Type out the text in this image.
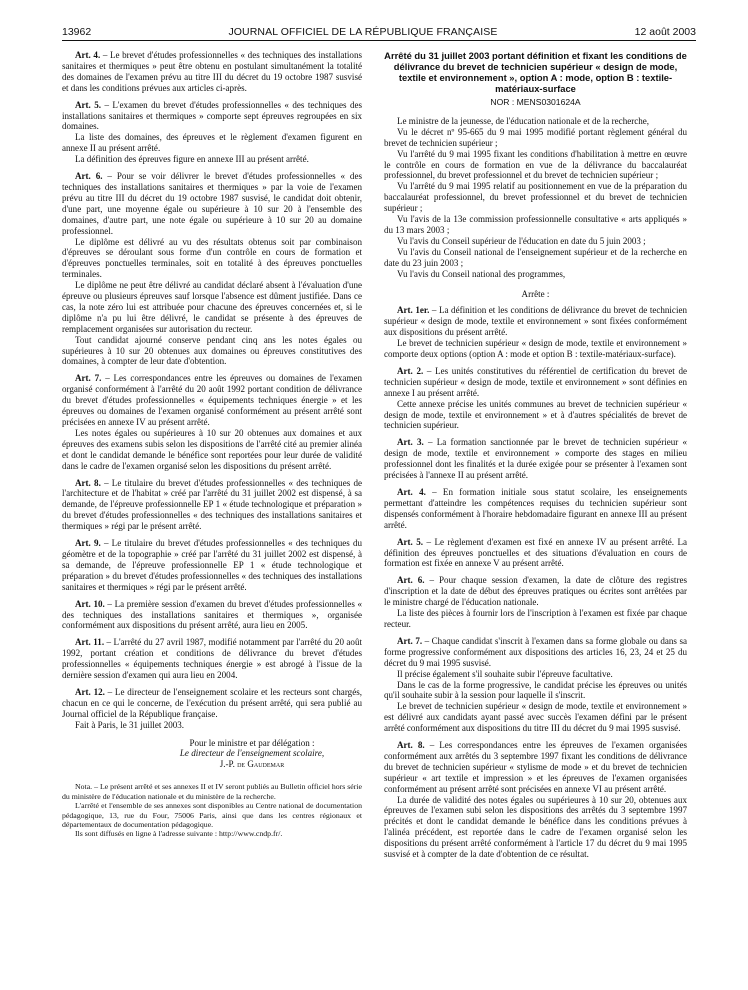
13962	JOURNAL OFFICIEL DE LA RÉPUBLIQUE FRANÇAISE	12 août 2003

Art. 4. – Le brevet d'études professionnelles « des techniques des installations sanitaires et thermiques » peut être obtenu en postulant simultanément la totalité des domaines de l'examen prévu au titre III du décret du 19 octobre 1987 susvisé et dans les conditions prévues aux articles ci-après.

Art. 5. – L'examen du brevet d'études professionnelles « des techniques des installations sanitaires et thermiques » comporte sept épreuves regroupées en six domaines.

La liste des domaines, des épreuves et le règlement d'examen figurent en annexe II au présent arrêté.

La définition des épreuves figure en annexe III au présent arrêté.

Art. 6. – Pour se voir délivrer le brevet d'études professionnelles « des techniques des installations sanitaires et thermiques » par la voie de l'examen prévu au titre III du décret du 19 octobre 1987 susvisé, le candidat doit obtenir, d'une part, une moyenne égale ou supérieure à 10 sur 20 à l'ensemble des domaines, d'autre part, une note égale ou supérieure à 10 sur 20 au domaine professionnel.

Le diplôme est délivré au vu des résultats obtenus soit par combinaison d'épreuves se déroulant sous forme d'un contrôle en cours de formation et d'épreuves ponctuelles terminales, soit en totalité à des épreuves ponctuelles terminales.

Le diplôme ne peut être délivré au candidat déclaré absent à l'évaluation d'une épreuve ou plusieurs épreuves sauf lorsque l'absence est dûment justifiée. Dans ce cas, la note zéro lui est attribuée pour chacune des épreuves concernées et, si le diplôme n'a pu lui être délivré, le candidat se présente à des épreuves de remplacement organisées sur autorisation du recteur.

Tout candidat ajourné conserve pendant cinq ans les notes égales ou supérieures à 10 sur 20 obtenues aux domaines ou épreuves constitutives des domaines, à compter de leur date d'obtention.

Art. 7. – Les correspondances entre les épreuves ou domaines de l'examen organisé conformément à l'arrêté du 20 août 1992 portant condition de délivrance du brevet d'études professionnelles « équipements techniques énergie » et les épreuves ou domaines de l'examen organisé conformément au présent arrêté sont précisées en annexe IV au présent arrêté.

Les notes égales ou supérieures à 10 sur 20 obtenues aux domaines et aux épreuves des examens subis selon les dispositions de l'arrêté cité au premier alinéa et dont le candidat demande le bénéfice sont reportées pour leur durée de validité dans le cadre de l'examen organisé selon les dispositions du présent arrêté.

Art. 8. – Le titulaire du brevet d'études professionnelles « des techniques de l'architecture et de l'habitat » créé par l'arrêté du 31 juillet 2002 est dispensé, à sa demande, de l'épreuve professionnelle EP 1 « étude technologique et préparation » du brevet d'études professionnelles « des techniques des installations sanitaires et thermiques » régi par le présent arrêté.

Art. 9. – Le titulaire du brevet d'études professionnelles « des techniques du géomètre et de la topographie » créé par l'arrêté du 31 juillet 2002 est dispensé, à sa demande, de l'épreuve professionnelle EP 1 « étude technologique et préparation » du brevet d'études professionnelles « des techniques des installations sanitaires et thermiques » régi par le présent arrêté.

Art. 10. – La première session d'examen du brevet d'études professionnelles « des techniques des installations sanitaires et thermiques », organisée conformément aux dispositions du présent arrêté, aura lieu en 2005.

Art. 11. – L'arrêté du 27 avril 1987, modifié notamment par l'arrêté du 20 août 1992, portant création et conditions de délivrance du brevet d'études professionnelles « équipements techniques énergie » est abrogé à l'issue de la dernière session d'examen qui aura lieu en 2004.

Art. 12. – Le directeur de l'enseignement scolaire et les recteurs sont chargés, chacun en ce qui le concerne, de l'exécution du présent arrêté, qui sera publié au Journal officiel de la République française.

Fait à Paris, le 31 juillet 2003.

Pour le ministre et par délégation :
Le directeur de l'enseignement scolaire,
J.-P. de Gaudemar

Nota. – Le présent arrêté et ses annexes II et IV seront publiés au Bulletin officiel hors série du ministère de l'éducation nationale et du ministère de la recherche.

L'arrêté et l'ensemble de ses annexes sont disponibles au Centre national de documentation pédagogique, 13, rue du Four, 75006 Paris, ainsi que dans les centres régionaux et départementaux de documentation pédagogique.

Ils sont diffusés en ligne à l'adresse suivante : http://www.cndp.fr/.

Arrêté du 31 juillet 2003 portant définition et fixant les conditions de délivrance du brevet de technicien supérieur « design de mode, textile et environnement », option A : mode, option B : textile-matériaux-surface
NOR : MENS0301624A

Le ministre de la jeunesse, de l'éducation nationale et de la recherche,

Vu le décret nº 95-665 du 9 mai 1995 modifié portant règlement général du brevet de technicien supérieur ;

Vu l'arrêté du 9 mai 1995 fixant les conditions d'habilitation à mettre en œuvre le contrôle en cours de formation en vue de la délivrance du baccalauréat professionnel, du brevet professionnel et du brevet de technicien supérieur ;

Vu l'arrêté du 9 mai 1995 relatif au positionnement en vue de la préparation du baccalauréat professionnel, du brevet professionnel et du brevet de technicien supérieur ;

Vu l'avis de la 13e commission professionnelle consultative « arts appliqués » du 13 mars 2003 ;

Vu l'avis du Conseil supérieur de l'éducation en date du 5 juin 2003 ;

Vu l'avis du Conseil national de l'enseignement supérieur et de la recherche en date du 23 juin 2003 ;

Vu l'avis du Conseil national des programmes,

Arrête :

Art. 1er. – La définition et les conditions de délivrance du brevet de technicien supérieur « design de mode, textile et environnement » sont fixées conformément aux dispositions du présent arrêté.

Le brevet de technicien supérieur « design de mode, textile et environnement » comporte deux options (option A : mode et option B : textile-matériaux-surface).

Art. 2. – Les unités constitutives du référentiel de certification du brevet de technicien supérieur « design de mode, textile et environnement » sont définies en annexe I au présent arrêté.

Cette annexe précise les unités communes au brevet de technicien supérieur « design de mode, textile et environnement » et à d'autres spécialités de brevet de technicien supérieur.

Art. 3. – La formation sanctionnée par le brevet de technicien supérieur « design de mode, textile et environnement » comporte des stages en milieu professionnel dont les finalités et la durée exigée pour se présenter à l'examen sont précisées à l'annexe II au présent arrêté.

Art. 4. – En formation initiale sous statut scolaire, les enseignements permettant d'atteindre les compétences requises du technicien supérieur sont dispensés conformément à l'horaire hebdomadaire figurant en annexe III au présent arrêté.

Art. 5. – Le règlement d'examen est fixé en annexe IV au présent arrêté. La définition des épreuves ponctuelles et des situations d'évaluation en cours de formation est fixée en annexe V au présent arrêté.

Art. 6. – Pour chaque session d'examen, la date de clôture des registres d'inscription et la date de début des épreuves pratiques ou écrites sont arrêtées par le ministre chargé de l'éducation nationale.

La liste des pièces à fournir lors de l'inscription à l'examen est fixée par chaque recteur.

Art. 7. – Chaque candidat s'inscrit à l'examen dans sa forme globale ou dans sa forme progressive conformément aux dispositions des articles 16, 23, 24 et 25 du décret du 9 mai 1995 susvisé.

Il précise également s'il souhaite subir l'épreuve facultative.

Dans le cas de la forme progressive, le candidat précise les épreuves ou unités qu'il souhaite subir à la session pour laquelle il s'inscrit.

Le brevet de technicien supérieur « design de mode, textile et environnement » est délivré aux candidats ayant passé avec succès l'examen défini par le présent arrêté conformément aux dispositions du titre III du décret du 9 mai 1995 susvisé.

Art. 8. – Les correspondances entre les épreuves de l'examen organisées conformément aux arrêtés du 3 septembre 1997 fixant les conditions de délivrance du brevet de technicien supérieur « stylisme de mode » et du brevet de technicien supérieur « art textile et impression » et les épreuves de l'examen organisées conformément au présent arrêté sont précisées en annexe VI au présent arrêté.

La durée de validité des notes égales ou supérieures à 10 sur 20, obtenues aux épreuves de l'examen subi selon les dispositions des arrêtés du 3 septembre 1997 précités et dont le candidat demande le bénéfice dans les conditions prévues à l'alinéa précédent, est reportée dans le cadre de l'examen organisé selon les dispositions du présent arrêté conformément à l'article 17 du décret du 9 mai 1995 susvisé et à compter de la date d'obtention de ce résultat.
